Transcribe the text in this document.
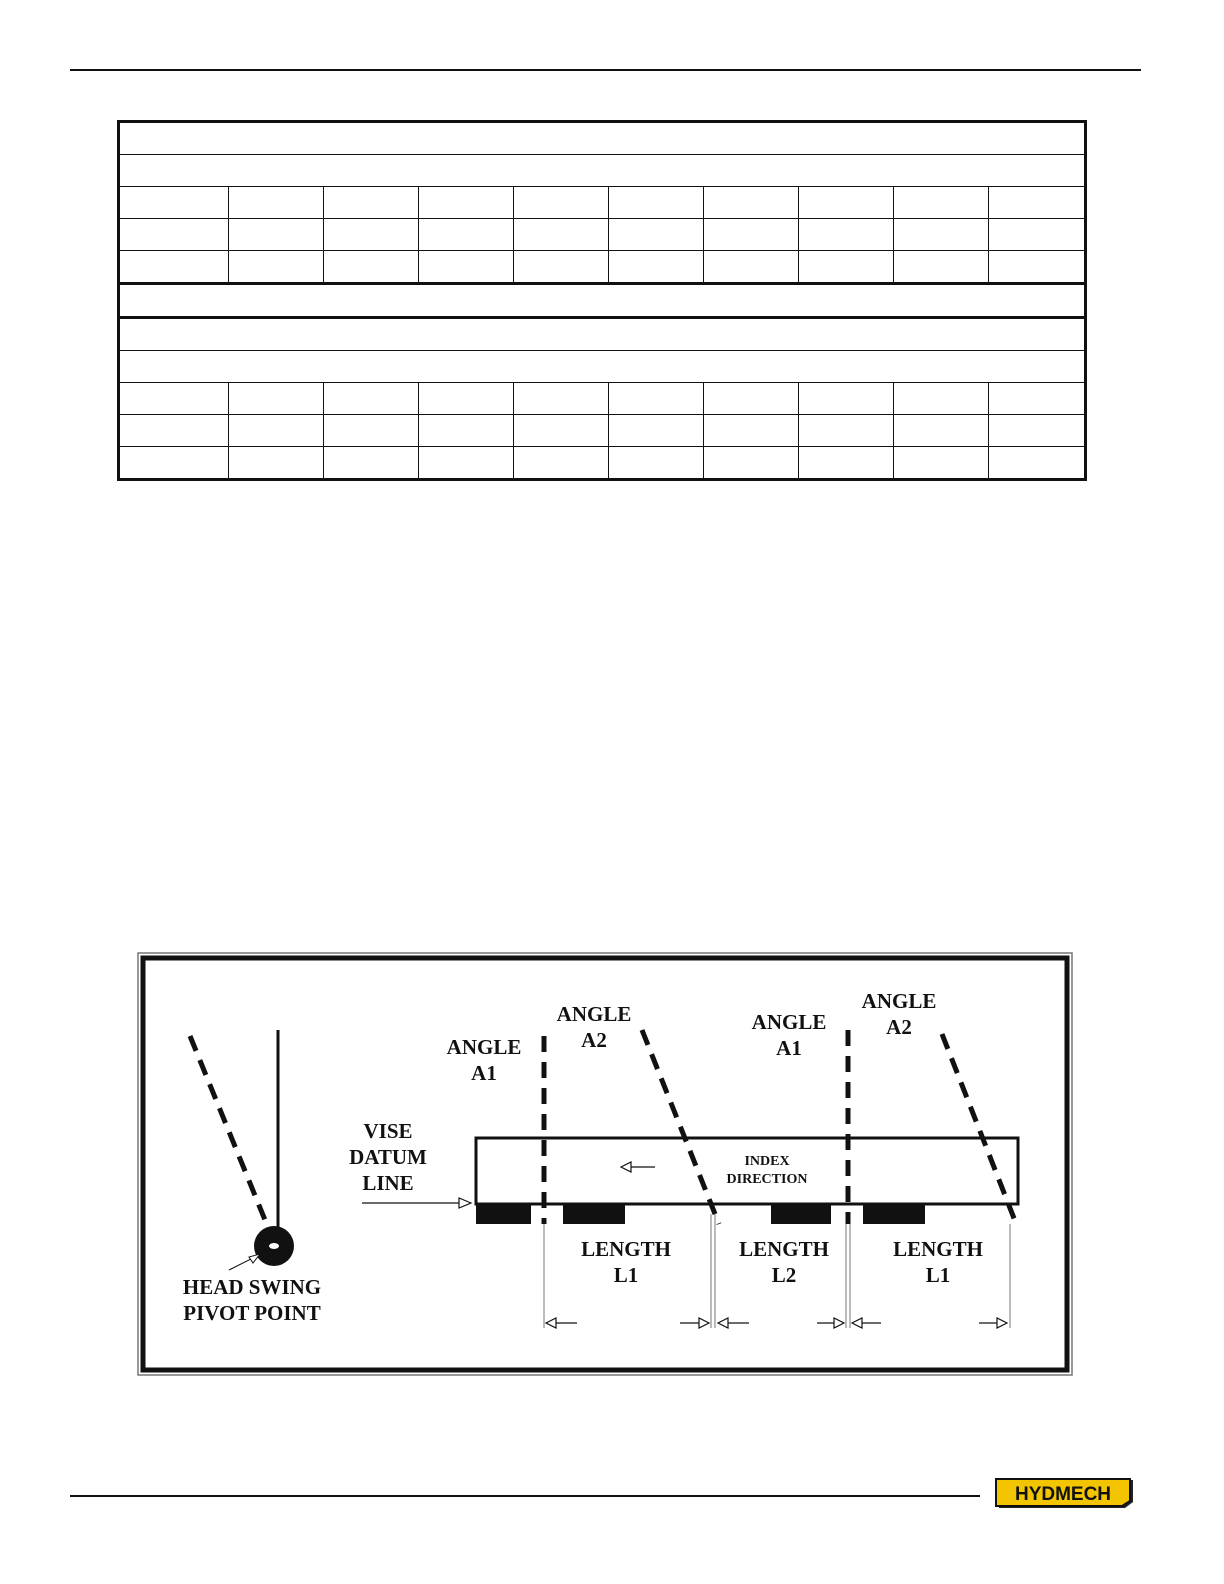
ANGLE
A1
ANGLE
A2
ANGLE
A1
ANGLE
A2
VISE
DATUM
LINE
LENGTH
L1
LENGTH
L2
LENGTH
L1
HEAD SWING
PIVOT POINT
INDEX
DIRECTION
HYDMECH
